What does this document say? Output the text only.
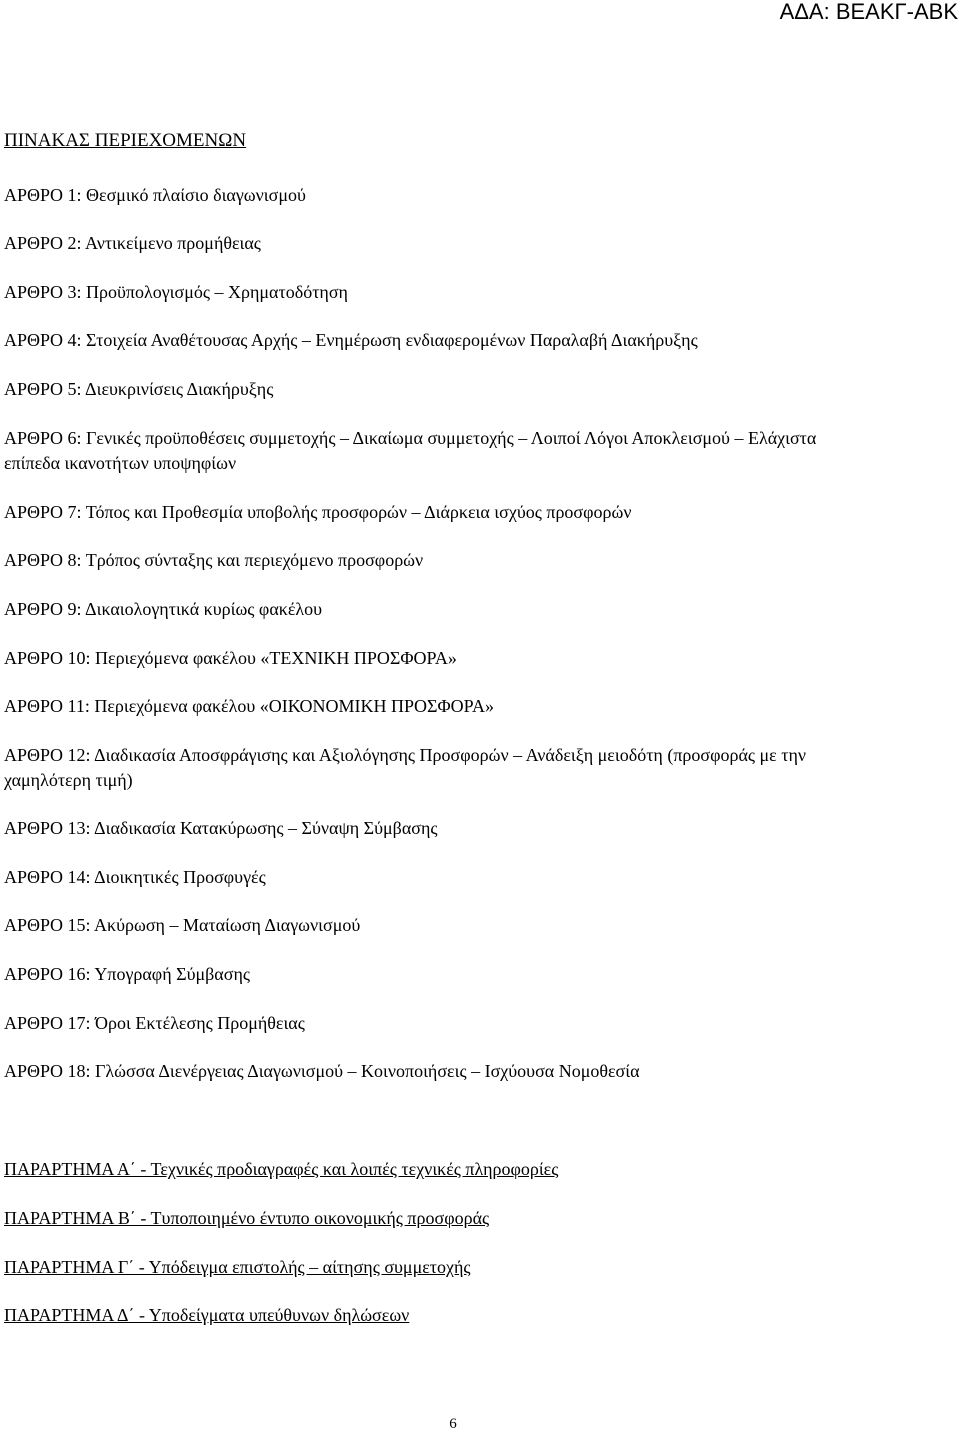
ΑΔΑ: ΒΕΑΚΓ-ΑΒΚ
ΠΙΝΑΚΑΣ ΠΕΡΙΕΧΟΜΕΝΩΝ
ΑΡΘΡΟ 1: Θεσμικό πλαίσιο διαγωνισμού
ΑΡΘΡΟ 2: Αντικείμενο προμήθειας
ΑΡΘΡΟ 3: Προϋπολογισμός – Χρηματοδότηση
ΑΡΘΡΟ 4: Στοιχεία Αναθέτουσας Αρχής – Ενημέρωση ενδιαφερομένων Παραλαβή Διακήρυξης
ΑΡΘΡΟ 5: Διευκρινίσεις Διακήρυξης
ΑΡΘΡΟ 6: Γενικές προϋποθέσεις συμμετοχής – Δικαίωμα συμμετοχής – Λοιποί Λόγοι Αποκλεισμού – Ελάχιστα επίπεδα ικανοτήτων υποψηφίων
ΑΡΘΡΟ 7: Τόπος και Προθεσμία υποβολής προσφορών – Διάρκεια ισχύος προσφορών
ΑΡΘΡΟ 8: Τρόπος σύνταξης και περιεχόμενο προσφορών
ΑΡΘΡΟ 9: Δικαιολογητικά κυρίως φακέλου
ΑΡΘΡΟ 10: Περιεχόμενα φακέλου «ΤΕΧΝΙΚΗ ΠΡΟΣΦΟΡΑ»
ΑΡΘΡΟ 11: Περιεχόμενα φακέλου «ΟΙΚΟΝΟΜΙΚΗ ΠΡΟΣΦΟΡΑ»
ΑΡΘΡΟ 12: Διαδικασία Αποσφράγισης και Αξιολόγησης Προσφορών – Ανάδειξη μειοδότη (προσφοράς με την χαμηλότερη τιμή)
ΑΡΘΡΟ 13: Διαδικασία Κατακύρωσης – Σύναψη Σύμβασης
ΑΡΘΡΟ 14: Διοικητικές Προσφυγές
ΑΡΘΡΟ 15: Ακύρωση – Ματαίωση Διαγωνισμού
ΑΡΘΡΟ 16: Υπογραφή Σύμβασης
ΑΡΘΡΟ 17: Όροι Εκτέλεσης Προμήθειας
ΑΡΘΡΟ 18: Γλώσσα Διενέργειας Διαγωνισμού – Κοινοποιήσεις – Ισχύουσα Νομοθεσία
ΠΑΡΑΡΤΗΜΑ Α΄ - Τεχνικές προδιαγραφές και λοιπές τεχνικές πληροφορίες
ΠΑΡΑΡΤΗΜΑ Β΄ - Τυποποιημένο έντυπο οικονομικής προσφοράς
ΠΑΡΑΡΤΗΜΑ Γ΄ - Υπόδειγμα επιστολής – αίτησης συμμετοχής
ΠΑΡΑΡΤΗΜΑ Δ΄ - Υποδείγματα υπεύθυνων δηλώσεων
6
